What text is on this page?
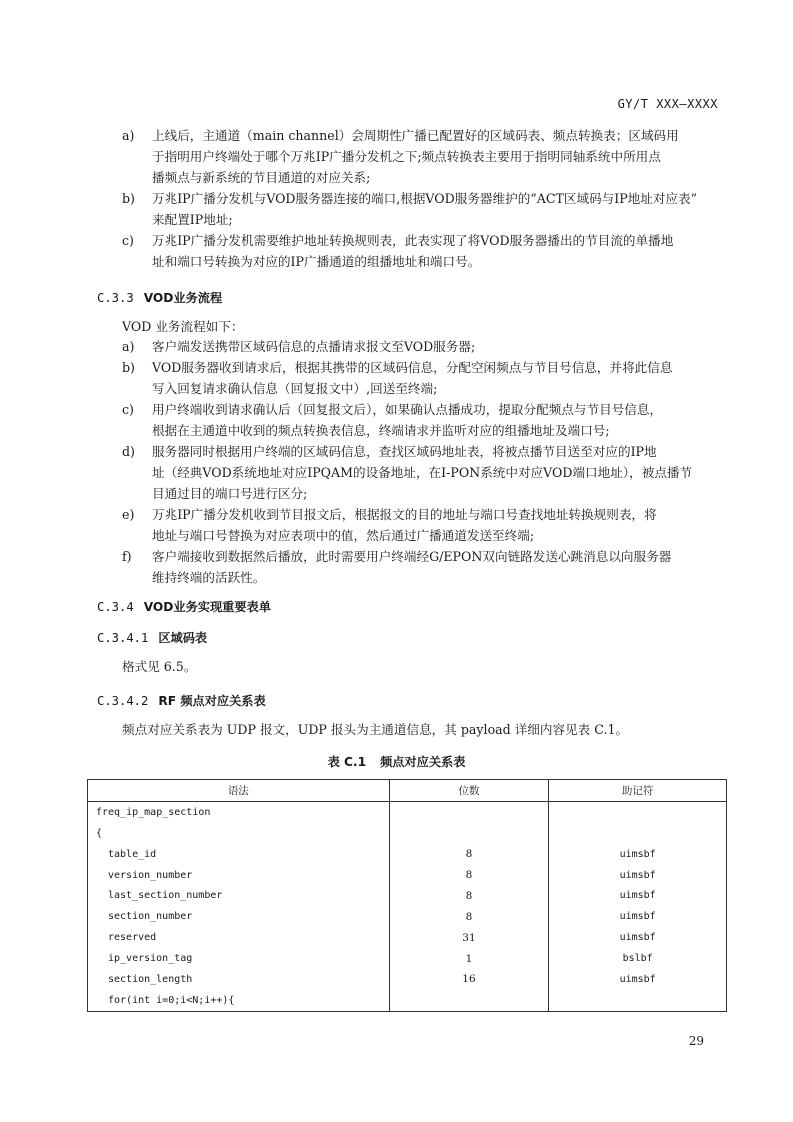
GY/T XXX—XXXX
a) 上线后，主通道（main channel）会周期性广播已配置好的区域码表、频点转换表；区域码用
于指明用户终端处于哪个万兆IP广播分发机之下;频点转换表主要用于指明同轴系统中所用点
播频点与新系统的节目通道的对应关系;
b) 万兆IP广播分发机与VOD服务器连接的端口,根据VOD服务器维护的“ACT区域码与IP地址对应表”
来配置IP地址;
c) 万兆IP广播分发机需要维护地址转换规则表，此表实现了将VOD服务器播出的节目流的单播地
址和端口号转换为对应的IP广播通道的组播地址和端口号。
C.3.3 VOD业务流程
VOD 业务流程如下：
a) 客户端发送携带区域码信息的点播请求报文至VOD服务器;
b) VOD服务器收到请求后，根据其携带的区域码信息，分配空闲频点与节目号信息，并将此信息
写入回复请求确认信息（回复报文中）,回送至终端;
c) 用户终端收到请求确认后（回复报文后），如果确认点播成功，提取分配频点与节目号信息，
根据在主通道中收到的频点转换表信息，终端请求并监听对应的组播地址及端口号;
d) 服务器同时根据用户终端的区域码信息，查找区域码地址表，将被点播节目送至对应的IP地
址（经典VOD系统地址对应IPQAM的设备地址，在I-PON系统中对应VOD端口地址），被点播节
目通过目的端口号进行区分;
e) 万兆IP广播分发机收到节目报文后，根据报文的目的地址与端口号查找地址转换规则表，将
地址与端口号替换为对应表项中的值，然后通过广播通道发送至终端;
f) 客户端接收到数据然后播放，此时需要用户终端经G/EPON双向链路发送心跳消息以向服务器
维持终端的活跃性。
C.3.4 VOD业务实现重要表单
C.3.4.1 区域码表
格式见 6.5。
C.3.4.2 RF 频点对应关系表
频点对应关系表为 UDP 报文，UDP 报头为主通道信息，其 payload 详细内容见表 C.1。
表 C.1 频点对应关系表
语法	位数	助记符
freq_ip_map_section		
{		
table_id	8	uimsbf
version_number	8	uimsbf
last_section_number	8	uimsbf
section_number	8	uimsbf
reserved	31	uimsbf
ip_version_tag	1	bslbf
section_length	16	uimsbf
for(int i=0;i<N;i++){		
29
